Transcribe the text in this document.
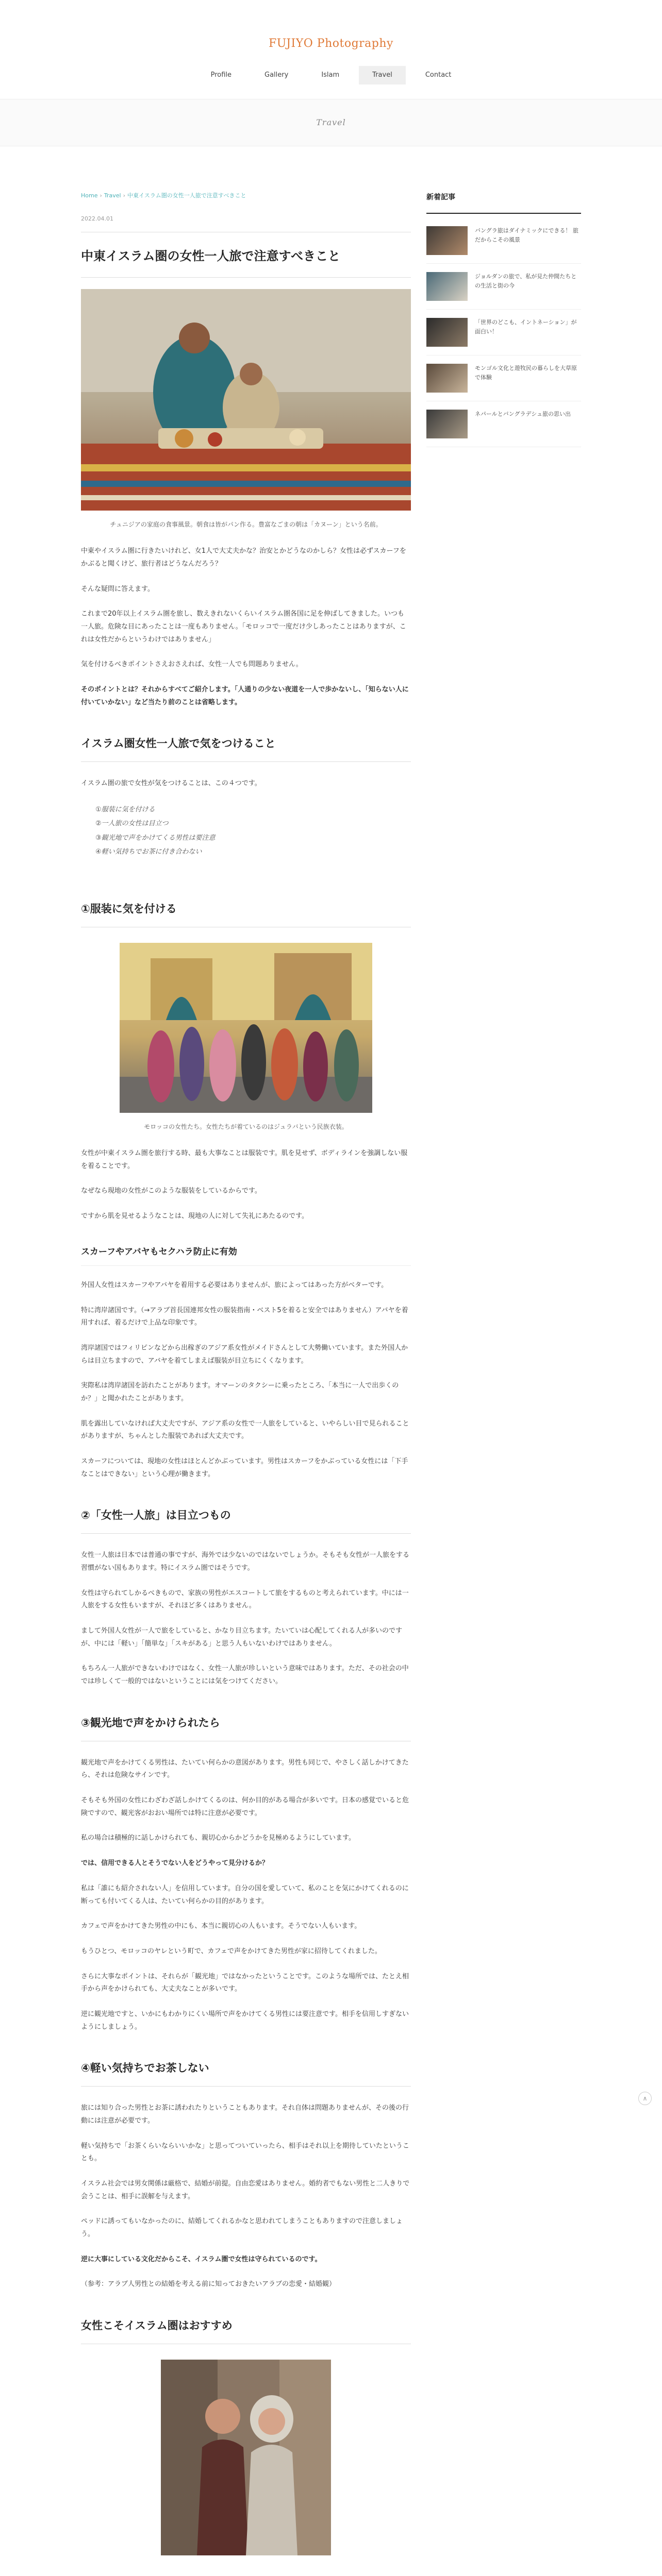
FUJIYO Photography
Profile	Gallery	Islam	Travel	Contact
Travel
Home › Travel › 中東イスラム圏の女性一人旅で注意すべきこと
2022.04.01
中東イスラム圏の女性一人旅で注意すべきこと
チュニジアの家庭の食事風景。朝食は皆がパン作る。豊富なごまの朝は「カヌーン」という名前。

中東やイスラム圏に行きたいけれど、女1人で大丈夫かな？治安とかどうなのかしら？女性は必ずスカーフをかぶると聞くけど、旅行者はどうなんだろう？

そんな疑問に答えます。

これまで20年以上イスラム圏を旅し、数えきれないくらいイスラム圏各国に足を伸ばしてきました。いつも一人旅。危険な目にあったことは一度もありません。「モロッコで一度だけ少しあったことはありますが、これは女性だからというわけではありません」

気を付けるべきポイントさえおさえれば、女性一人でも問題ありません。

そのポイントとは？それからすべてご紹介します。「人通りの少ない夜道を一人で歩かないし、「知らない人に付いていかない」など当たり前のことは省略します。

イスラム圏女性一人旅で気をつけること

イスラム圏の旅で女性が気をつけることは、この４つです。

①服装に気を付ける
②一人旅の女性は目立つ
③観光地で声をかけてくる男性は要注意
④軽い気持ちでお茶に付き合わない
①服装に気を付ける
モロッコの女性たち。女性たちが着ているのはジュラバという民族衣装。

女性が中東イスラム圏を旅行する時、最も大事なことは服装です。肌を見せず、ボディラインを強調しない服を着ることです。

なぜなら現地の女性がこのような服装をしているからです。

ですから肌を見せるようなことは、現地の人に対して失礼にあたるのです。

スカーフやアバヤもセクハラ防止に有効

外国人女性はスカーフやアバヤを着用する必要はありませんが、旅によってはあった方がベターです。

特に湾岸諸国です。（→アラブ首長国連邦女性の服装指南・ベスト5を着ると安全ではありません）アバヤを着用すれば、着るだけで上品な印象です。

湾岸諸国ではフィリピンなどから出稼ぎのアジア系女性がメイドさんとして大勢働いています。また外国人からは目立ちますので、アバヤを着てしまえば服装が目立ちにくくなります。

実際私は湾岸諸国を訪れたことがあります。オマーンのタクシーに乗ったところ、「本当に一人で出歩くのか？」と聞かれたことがあります。

肌を露出していなければ大丈夫ですが、アジア系の女性で一人旅をしていると、いやらしい目で見られることがありますが、ちゃんとした服装であれば大丈夫です。

スカーフについては、現地の女性はほとんどかぶっています。男性はスカーフをかぶっている女性には「下手なことはできない」という心理が働きます。

②「女性一人旅」は目立つもの

女性一人旅は日本では普通の事ですが、海外では少ないのではないでしょうか。そもそも女性が一人旅をする習慣がない国もあります。特にイスラム圏ではそうです。

女性は守られてしかるべきもので、家族の男性がエスコートして旅をするものと考えられています。中には一人旅をする女性もいますが、それほど多くはありません。

まして外国人女性が一人で旅をしていると、かなり目立ちます。たいていは心配してくれる人が多いのですが、中には「軽い」「簡単な」「スキがある」と思う人もいないわけではありません。

もちろん一人旅ができないわけではなく、女性一人旅が珍しいという意味ではあります。ただ、その社会の中では珍しくて一般的ではないということには気をつけてください。

③観光地で声をかけられたら

観光地で声をかけてくる男性は、たいてい何らかの意図があります。男性も同じで、やさしく話しかけてきたら、それは危険なサインです。

そもそも外国の女性にわざわざ話しかけてくるのは、何か目的がある場合が多いです。日本の感覚でいると危険ですので、観光客がおおい場所では特に注意が必要です。

私の場合は積極的に話しかけられても、親切心からかどうかを見極めるようにしています。

では、信用できる人とそうでない人をどうやって見分けるか？

私は「誰にも紹介されない人」を信用しています。自分の国を愛していて、私のことを気にかけてくれるのに断っても付いてくる人は、たいてい何らかの目的があります。

カフェで声をかけてきた男性の中にも、本当に親切心の人もいます。そうでない人もいます。

もうひとつ、モロッコのヤレという町で、カフェで声をかけてきた男性が家に招待してくれました。

さらに大事なポイントは、それらが「観光地」ではなかったということです。このような場所では、たとえ相手から声をかけられても、大丈夫なことが多いです。

逆に観光地ですと、いかにもわかりにくい場所で声をかけてくる男性には要注意です。相手を信用しすぎないようにしましょう。

④軽い気持ちでお茶しない

旅には知り合った男性とお茶に誘われたりということもあります。それ自体は問題ありませんが、その後の行動には注意が必要です。

軽い気持ちで「お茶くらいならいいかな」と思ってついていったら、相手はそれ以上を期待していたということも。

イスラム社会では男女関係は厳格で、結婚が前提。自由恋愛はありません。婚約者でもない男性と二人きりで会うことは、相手に誤解を与えます。

ペッドに誘ってもいなかったのに、結婚してくれるかなと思われてしまうこともありますので注意しましょう。

逆に大事にしている文化だからこそ、イスラム圏で女性は守られているのです。

（参考：アラブ人男性との結婚を考える前に知っておきたいアラブの恋愛・結婚観）

女性こそイスラム圏はおすすめ
新着記事
バングラ旅はダイナミックにできる！ 旅だからこその風景
ジョルダンの旅で、私が見た仲間たちとの生活と街の今
「世界のどこも、イントネーション」が面白い！
モンゴル文化と遊牧民の暮らしを大草原で体験
ネパールとバングラデシュ旅の思い出
∧
